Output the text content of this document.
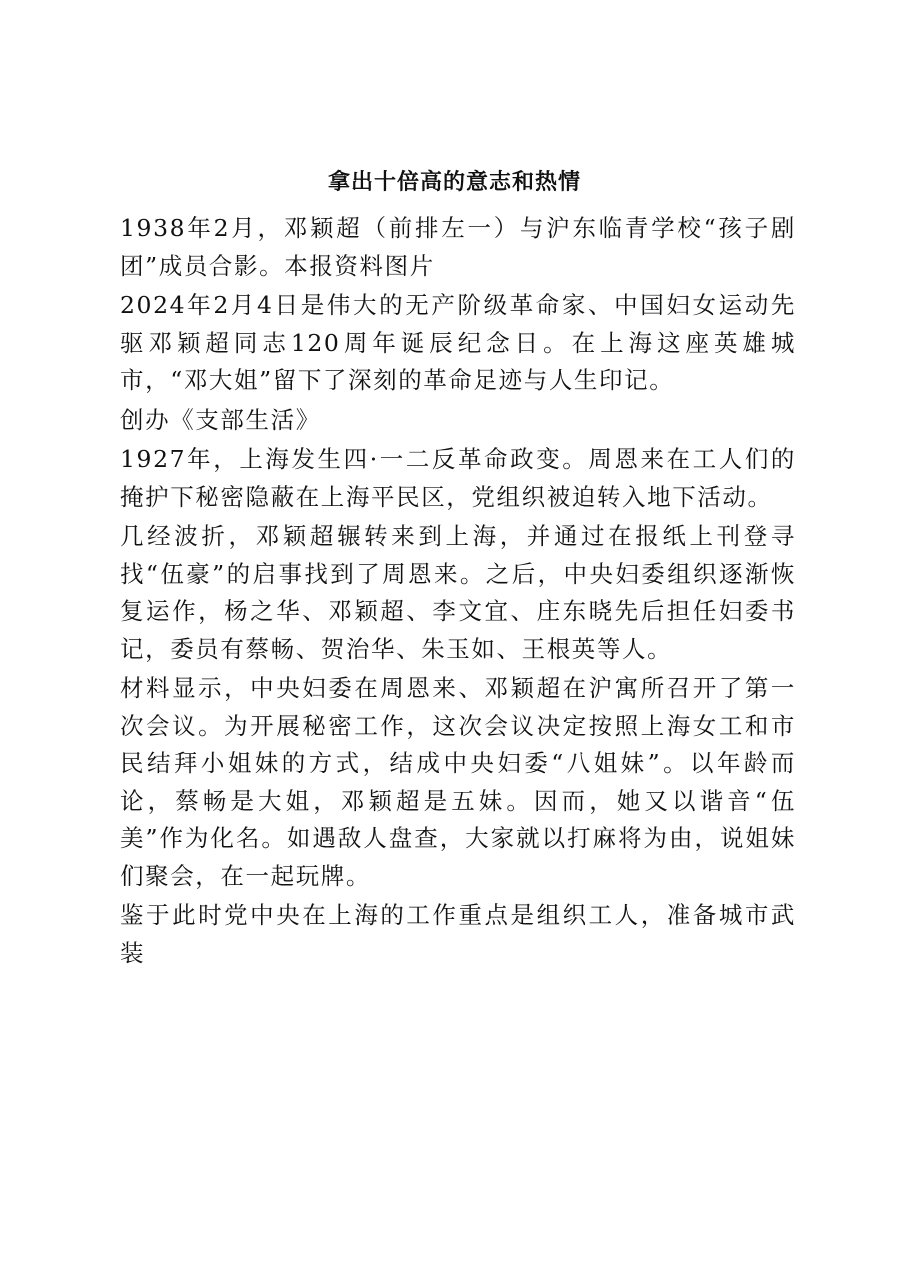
拿出十倍高的意志和热情

1938年2月，邓颖超（前排左一）与沪东临青学校“孩子剧团”成员合影。本报资料图片

2024年2月4日是伟大的无产阶级革命家、中国妇女运动先驱邓颖超同志120周年诞辰纪念日。在上海这座英雄城市，“邓大姐”留下了深刻的革命足迹与人生印记。

创办《支部生活》

1927年，上海发生四·一二反革命政变。周恩来在工人们的掩护下秘密隐蔽在上海平民区，党组织被迫转入地下活动。

几经波折，邓颖超辗转来到上海，并通过在报纸上刊登寻找“伍豪”的启事找到了周恩来。之后，中央妇委组织逐渐恢复运作，杨之华、邓颖超、李文宜、庄东晓先后担任妇委书记，委员有蔡畅、贺治华、朱玉如、王根英等人。

材料显示，中央妇委在周恩来、邓颖超在沪寓所召开了第一次会议。为开展秘密工作，这次会议决定按照上海女工和市民结拜小姐妹的方式，结成中央妇委“八姐妹”。以年龄而论，蔡畅是大姐，邓颖超是五妹。因而，她又以谐音“伍美”作为化名。如遇敌人盘查，大家就以打麻将为由，说姐妹们聚会，在一起玩牌。

鉴于此时党中央在上海的工作重点是组织工人，准备城市武装
